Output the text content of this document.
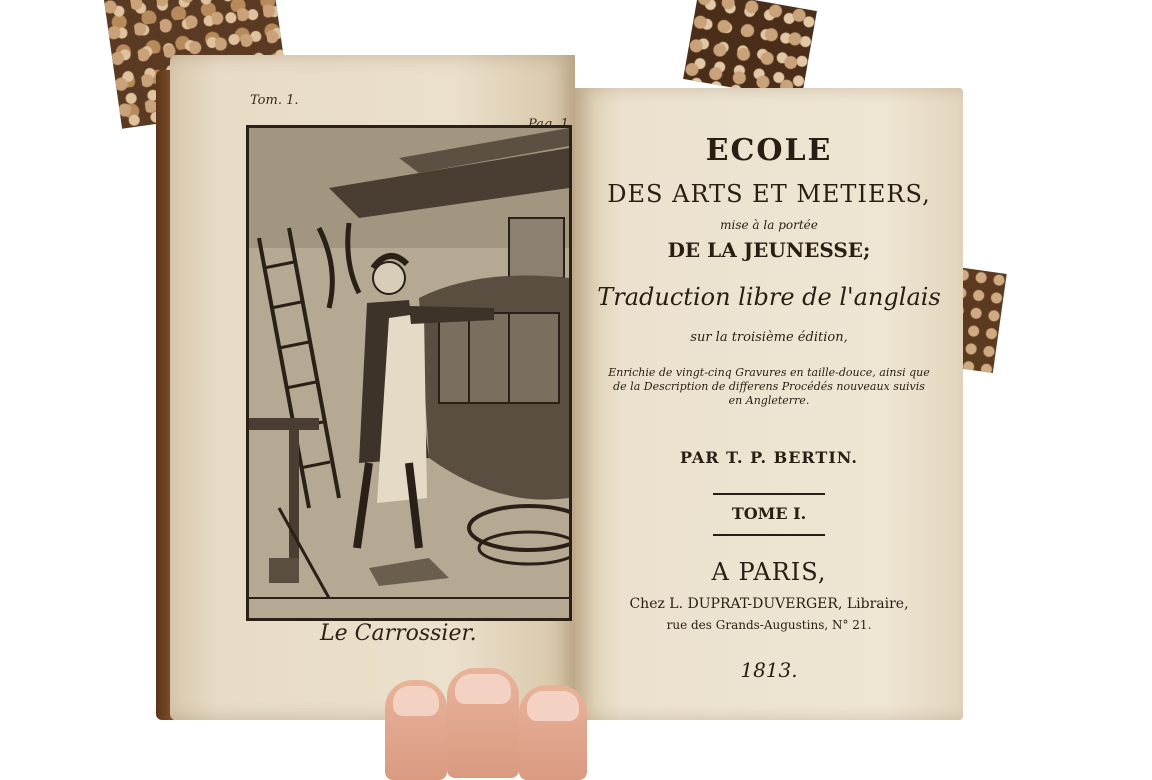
Tom. 1.
Le Carrossier.
ECOLE
DES ARTS ET METIERS,
mise à la portée
DE LA JEUNESSE;
Traduction libre de l'anglais
sur la troisième édition,
Enrichie de vingt-cinq Gravures en taille-douce, ainsi que de la Description de differens Procédés nouveaux suivis en Angleterre.
PAR T. P. BERTIN.
TOME I.
A PARIS,
Chez L. DUPRAT-DUVERGER, Libraire,
rue des Grands-Augustins, N° 21.
1813.
